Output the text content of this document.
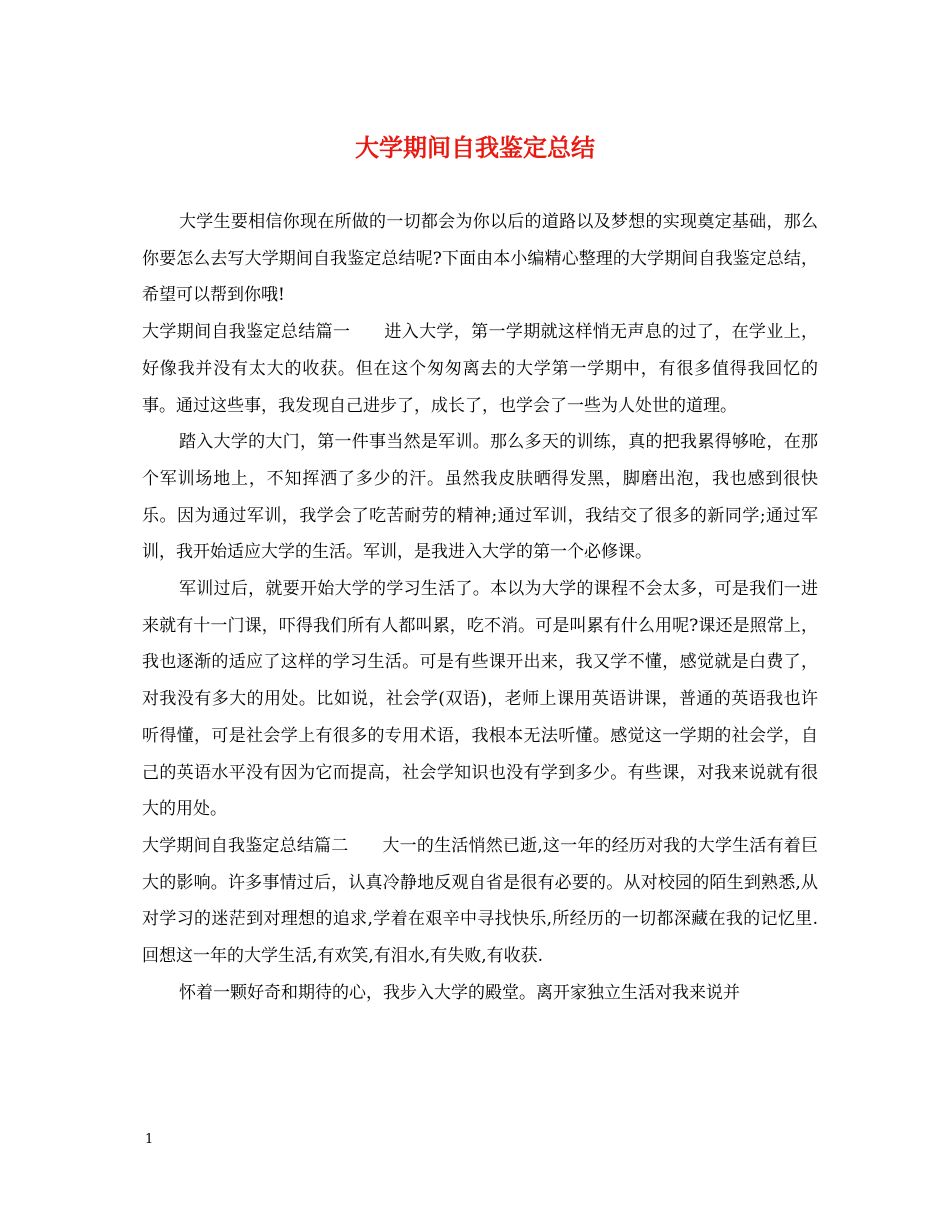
大学期间自我鉴定总结

大学生要相信你现在所做的一切都会为你以后的道路以及梦想的实现奠定基础，那么你要怎么去写大学期间自我鉴定总结呢?下面由本小编精心整理的大学期间自我鉴定总结，希望可以帮到你哦!

大学期间自我鉴定总结篇一 进入大学，第一学期就这样悄无声息的过了，在学业上，好像我并没有太大的收获。但在这个匆匆离去的大学第一学期中，有很多值得我回忆的事。通过这些事，我发现自己进步了，成长了，也学会了一些为人处世的道理。

踏入大学的大门，第一件事当然是军训。那么多天的训练，真的把我累得够呛，在那个军训场地上，不知挥洒了多少的汗。虽然我皮肤晒得发黑，脚磨出泡，我也感到很快乐。因为通过军训，我学会了吃苦耐劳的精神;通过军训，我结交了很多的新同学;通过军训，我开始适应大学的生活。军训，是我进入大学的第一个必修课。

军训过后，就要开始大学的学习生活了。本以为大学的课程不会太多，可是我们一进来就有十一门课，吓得我们所有人都叫累，吃不消。可是叫累有什么用呢?课还是照常上，我也逐渐的适应了这样的学习生活。可是有些课开出来，我又学不懂，感觉就是白费了，对我没有多大的用处。比如说，社会学(双语)，老师上课用英语讲课，普通的英语我也许听得懂，可是社会学上有很多的专用术语，我根本无法听懂。感觉这一学期的社会学，自己的英语水平没有因为它而提高，社会学知识也没有学到多少。有些课，对我来说就有很大的用处。

大学期间自我鉴定总结篇二 大一的生活悄然已逝,这一年的经历对我的大学生活有着巨大的影响。许多事情过后，认真冷静地反观自省是很有必要的。从对校园的陌生到熟悉,从对学习的迷茫到对理想的追求,学着在艰辛中寻找快乐,所经历的一切都深藏在我的记忆里.回想这一年的大学生活,有欢笑,有泪水,有失败,有收获.

怀着一颗好奇和期待的心，我步入大学的殿堂。离开家独立生活对我来说并

1
